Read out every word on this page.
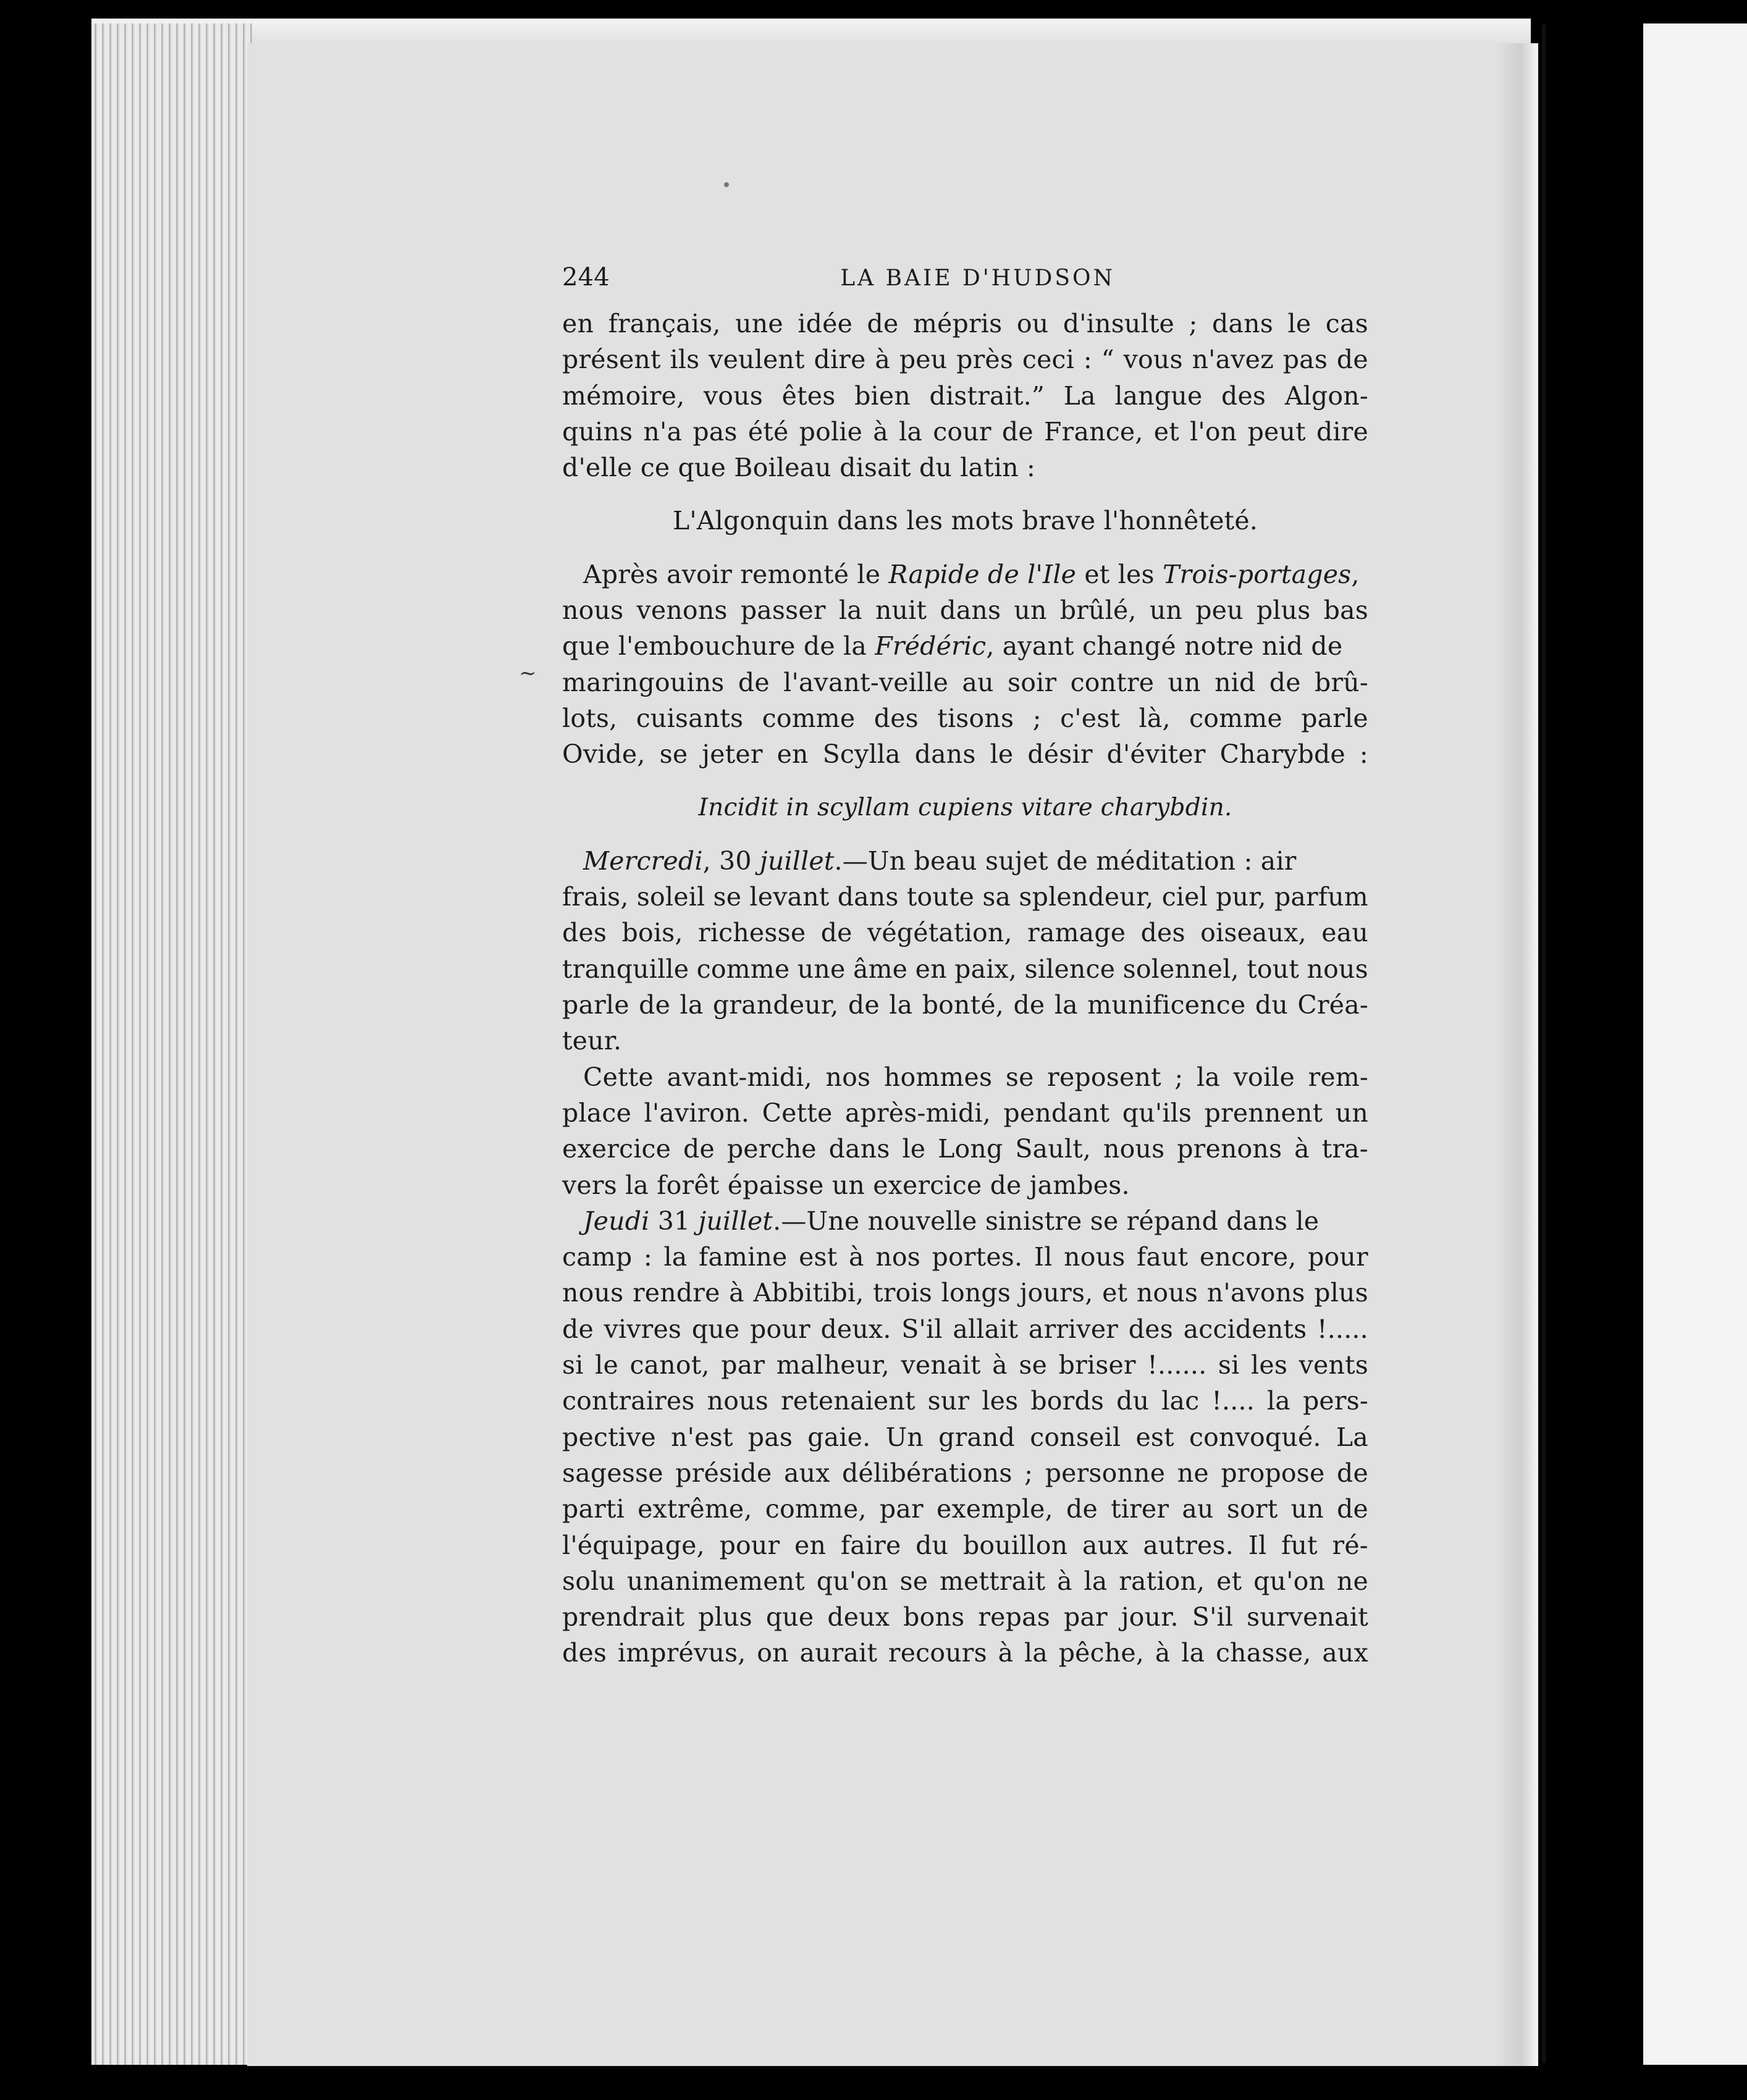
~
244	LA BAIE D'HUDSON
en français, une idée de mépris ou d'insulte ; dans le cas
présent ils veulent dire à peu près ceci : “ vous n'avez pas de
mémoire, vous êtes bien distrait.” La langue des Algon-
quins n'a pas été polie à la cour de France, et l'on peut dire
d'elle ce que Boileau disait du latin :
L'Algonquin dans les mots brave l'honnêteté.
Après avoir remonté le Rapide de l'Ile et les Trois-portages,
nous venons passer la nuit dans un brûlé, un peu plus bas
que l'embouchure de la Frédéric, ayant changé notre nid de
maringouins de l'avant-veille au soir contre un nid de brû-
lots, cuisants comme des tisons ; c'est là, comme parle
Ovide, se jeter en Scylla dans le désir d'éviter Charybde :
Incidit in scyllam cupiens vitare charybdin.
Mercredi, 30 juillet.—Un beau sujet de méditation : air
frais, soleil se levant dans toute sa splendeur, ciel pur, parfum
des bois, richesse de végétation, ramage des oiseaux, eau
tranquille comme une âme en paix, silence solennel, tout nous
parle de la grandeur, de la bonté, de la munificence du Créa-
teur.
Cette avant-midi, nos hommes se reposent ; la voile rem-
place l'aviron. Cette après-midi, pendant qu'ils prennent un
exercice de perche dans le Long Sault, nous prenons à tra-
vers la forêt épaisse un exercice de jambes.
Jeudi 31 juillet.—Une nouvelle sinistre se répand dans le
camp : la famine est à nos portes. Il nous faut encore, pour
nous rendre à Abbitibi, trois longs jours, et nous n'avons plus
de vivres que pour deux. S'il allait arriver des accidents !.....
si le canot, par malheur, venait à se briser !...... si les vents
contraires nous retenaient sur les bords du lac !.... la pers-
pective n'est pas gaie. Un grand conseil est convoqué. La
sagesse préside aux délibérations ; personne ne propose de
parti extrême, comme, par exemple, de tirer au sort un de
l'équipage, pour en faire du bouillon aux autres. Il fut ré-
solu unanimement qu'on se mettrait à la ration, et qu'on ne
prendrait plus que deux bons repas par jour. S'il survenait
des imprévus, on aurait recours à la pêche, à la chasse, aux
